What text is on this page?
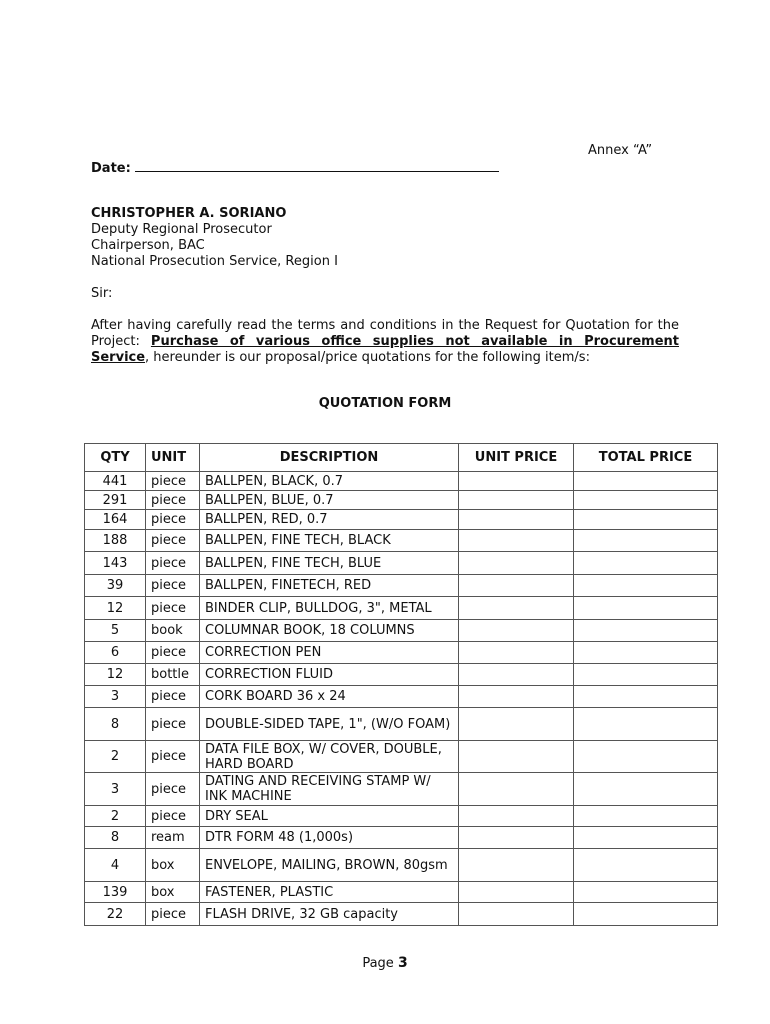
Annex “A”
Date:
CHRISTOPHER A. SORIANO
Deputy Regional Prosecutor
Chairperson, BAC
National Prosecution Service, Region I
Sir:
After having carefully read the terms and conditions in the Request for Quotation for the Project: Purchase of various office supplies not available in Procurement Service, hereunder is our proposal/price quotations for the following item/s:
QUOTATION FORM
QTY	UNIT	DESCRIPTION	UNIT PRICE	TOTAL PRICE
441	piece	BALLPEN, BLACK, 0.7		
291	piece	BALLPEN, BLUE, 0.7		
164	piece	BALLPEN, RED, 0.7		
188	piece	BALLPEN, FINE TECH, BLACK		
143	piece	BALLPEN, FINE TECH, BLUE		
39	piece	BALLPEN, FINETECH, RED		
12	piece	BINDER CLIP, BULLDOG, 3", METAL		
5	book	COLUMNAR BOOK, 18 COLUMNS		
6	piece	CORRECTION PEN		
12	bottle	CORRECTION FLUID		
3	piece	CORK BOARD 36 x 24		
8	piece	DOUBLE-SIDED TAPE, 1", (W/O FOAM)		
2	piece	DATA FILE BOX, W/ COVER, DOUBLE, HARD BOARD		
3	piece	DATING AND RECEIVING STAMP W/ INK MACHINE		
2	piece	DRY SEAL		
8	ream	DTR FORM 48 (1,000s)		
4	box	ENVELOPE, MAILING, BROWN, 80gsm		
139	box	FASTENER, PLASTIC		
22	piece	FLASH DRIVE, 32 GB capacity		
Page 3
